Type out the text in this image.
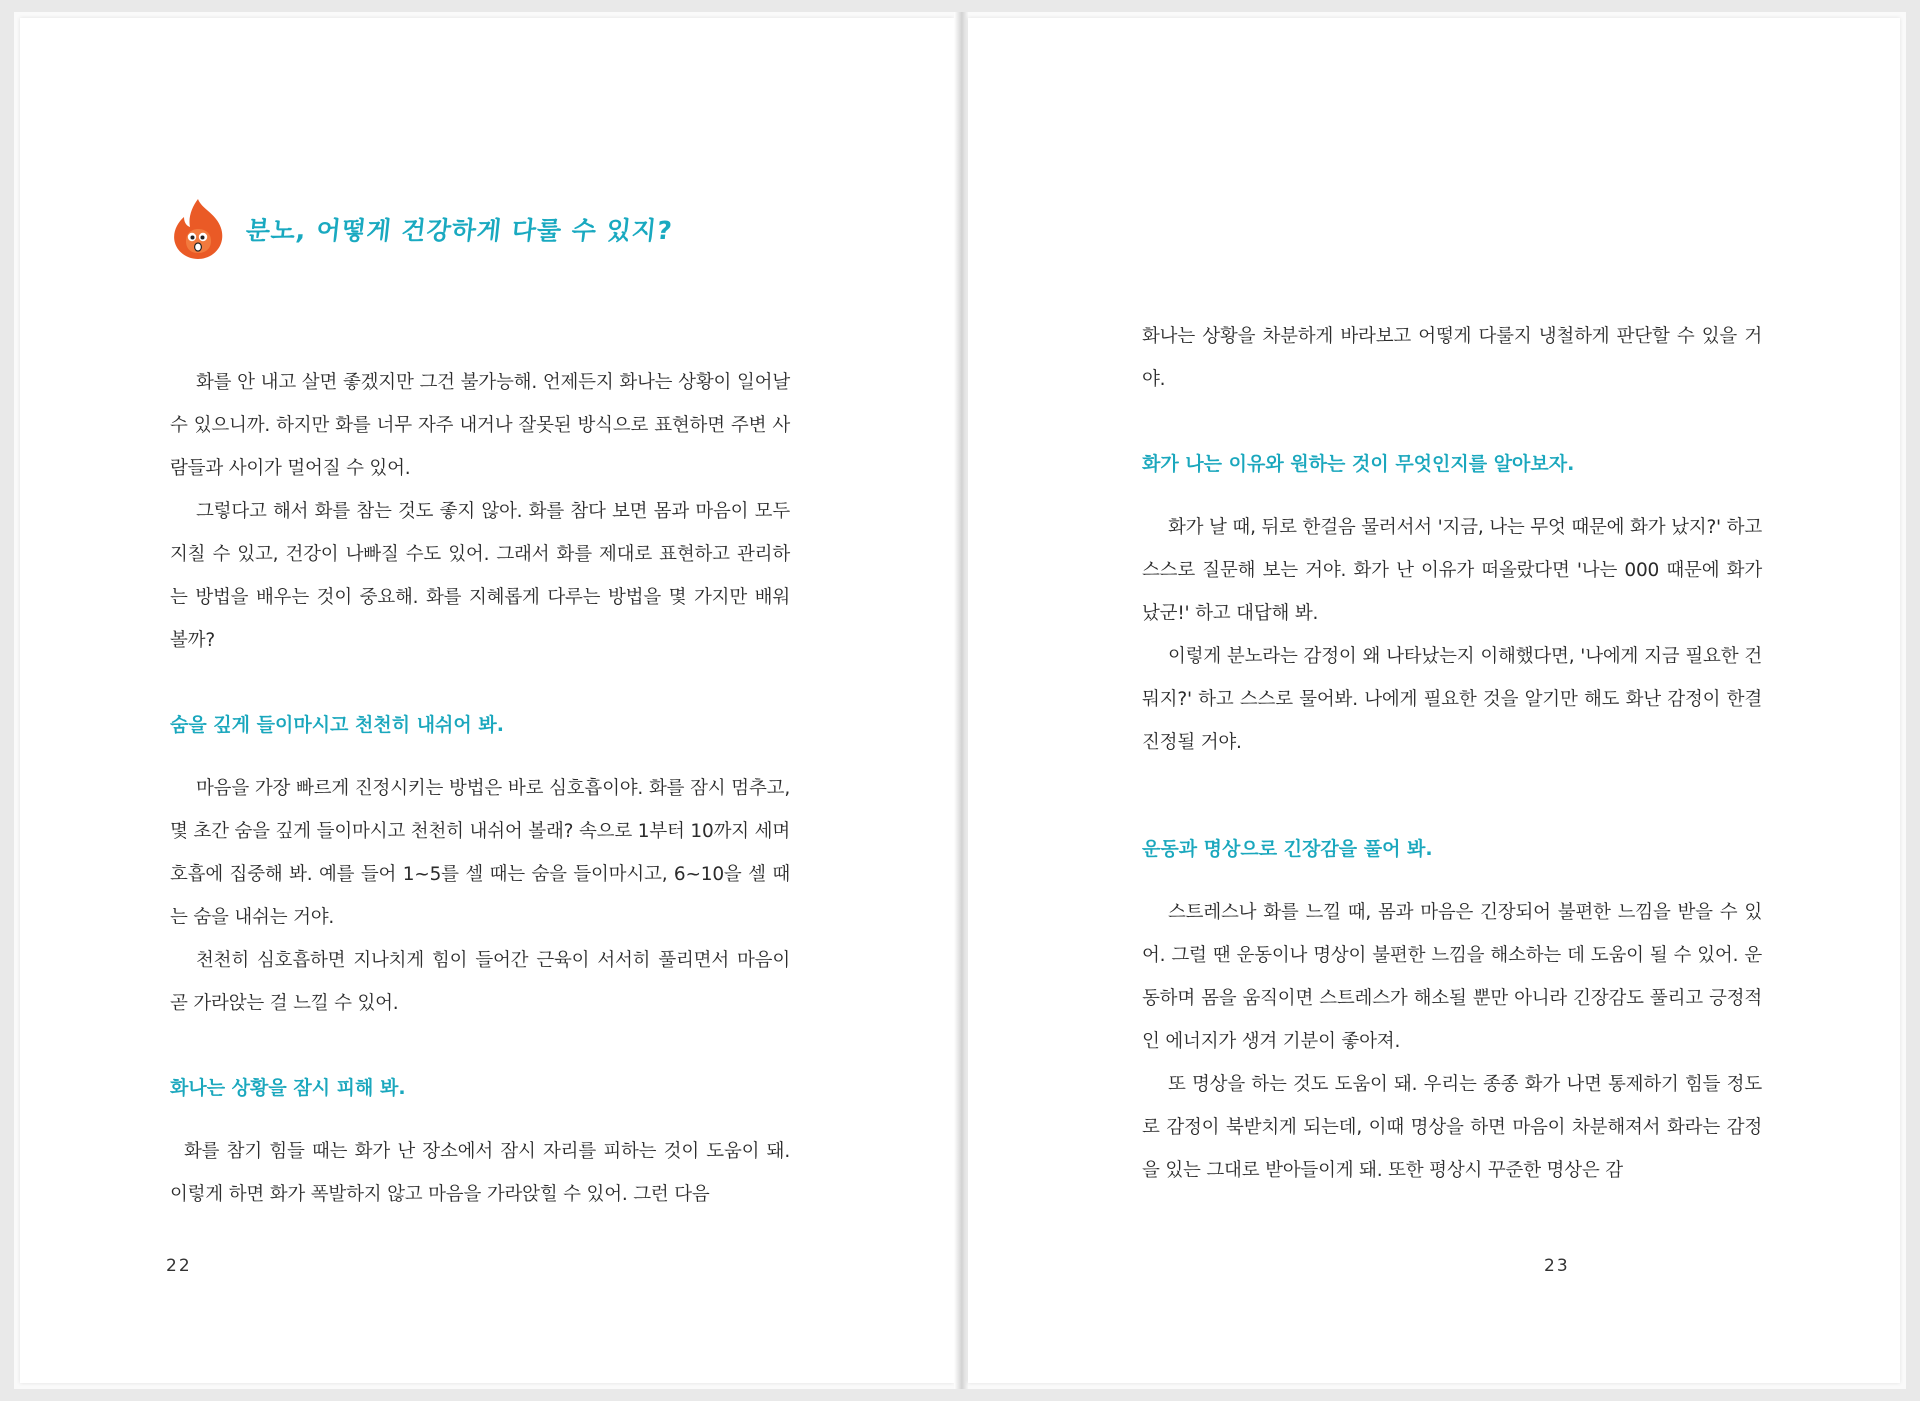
분노, 어떻게 건강하게 다룰 수 있지?

화를 안 내고 살면 좋겠지만 그건 불가능해. 언제든지 화나는 상황이 일어날 수 있으니까. 하지만 화를 너무 자주 내거나 잘못된 방식으로 표현하면 주변 사람들과 사이가 멀어질 수 있어.

그렇다고 해서 화를 참는 것도 좋지 않아. 화를 참다 보면 몸과 마음이 모두 지칠 수 있고, 건강이 나빠질 수도 있어. 그래서 화를 제대로 표현하고 관리하는 방법을 배우는 것이 중요해. 화를 지혜롭게 다루는 방법을 몇 가지만 배워 볼까?

숨을 깊게 들이마시고 천천히 내쉬어 봐.

마음을 가장 빠르게 진정시키는 방법은 바로 심호흡이야. 화를 잠시 멈추고, 몇 초간 숨을 깊게 들이마시고 천천히 내쉬어 볼래? 속으로 1부터 10까지 세며 호흡에 집중해 봐. 예를 들어 1~5를 셀 때는 숨을 들이마시고, 6~10을 셀 때는 숨을 내쉬는 거야.

천천히 심호흡하면 지나치게 힘이 들어간 근육이 서서히 풀리면서 마음이 곧 가라앉는 걸 느낄 수 있어.

화나는 상황을 잠시 피해 봐.

화를 참기 힘들 때는 화가 난 장소에서 잠시 자리를 피하는 것이 도움이 돼. 이렇게 하면 화가 폭발하지 않고 마음을 가라앉힐 수 있어. 그런 다음

22

화나는 상황을 차분하게 바라보고 어떻게 다룰지 냉철하게 판단할 수 있을 거야.

화가 나는 이유와 원하는 것이 무엇인지를 알아보자.

화가 날 때, 뒤로 한걸음 물러서서 '지금, 나는 무엇 때문에 화가 났지?' 하고 스스로 질문해 보는 거야. 화가 난 이유가 떠올랐다면 '나는 000 때문에 화가 났군!' 하고 대답해 봐.

이렇게 분노라는 감정이 왜 나타났는지 이해했다면, '나에게 지금 필요한 건 뭐지?' 하고 스스로 물어봐. 나에게 필요한 것을 알기만 해도 화난 감정이 한결 진정될 거야.

운동과 명상으로 긴장감을 풀어 봐.

스트레스나 화를 느낄 때, 몸과 마음은 긴장되어 불편한 느낌을 받을 수 있어. 그럴 땐 운동이나 명상이 불편한 느낌을 해소하는 데 도움이 될 수 있어. 운동하며 몸을 움직이면 스트레스가 해소될 뿐만 아니라 긴장감도 풀리고 긍정적인 에너지가 생겨 기분이 좋아져.

또 명상을 하는 것도 도움이 돼. 우리는 종종 화가 나면 통제하기 힘들 정도로 감정이 북받치게 되는데, 이때 명상을 하면 마음이 차분해져서 화라는 감정을 있는 그대로 받아들이게 돼. 또한 평상시 꾸준한 명상은 감

23
